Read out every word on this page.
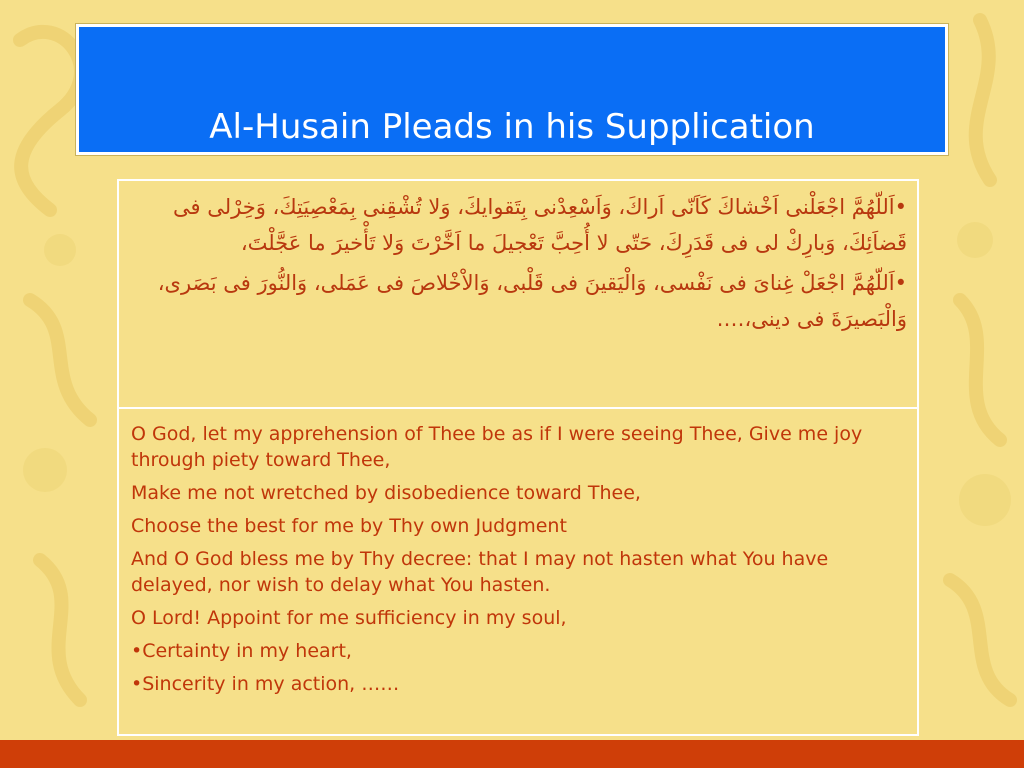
Al-Husain Pleads in his Supplication

•اَللّهُمَّ اجْعَلْنى اَخْشاكَ كَاَنّى اَراكَ، وَاَسْعِدْنى بِتَقوايكَ، وَلا تُشْقِنى بِمَعْصِيَتِكَ، وَخِرْلى فى قَضاَئِكَ، وَبارِكْ لى فى قَدَرِكَ، حَتّى لا أُحِبَّ تَعْجيلَ ما اَخَّرْتَ وَلا تَأْخيرَ ما عَجَّلْتَ،

•اَللّهُمَّ اجْعَلْ غِناىَ فى نَفْسى، وَالْيَقينَ فى قَلْبى، وَالاْخْلاصَ فى عَمَلى، وَالنُّورَ فى بَصَرى، وَالْبَصيرَةَ فى دينى،….

O God, let my apprehension of Thee be as if I were seeing Thee, Give me joy through piety toward Thee,

Make me not wretched by disobedience toward Thee,

Choose the best for me by Thy own Judgment

And O God bless me by Thy decree: that I may not hasten what You have delayed, nor wish to delay what You hasten.

O Lord! Appoint for me sufficiency in my soul,

•Certainty in my heart,

•Sincerity in my action, ……
